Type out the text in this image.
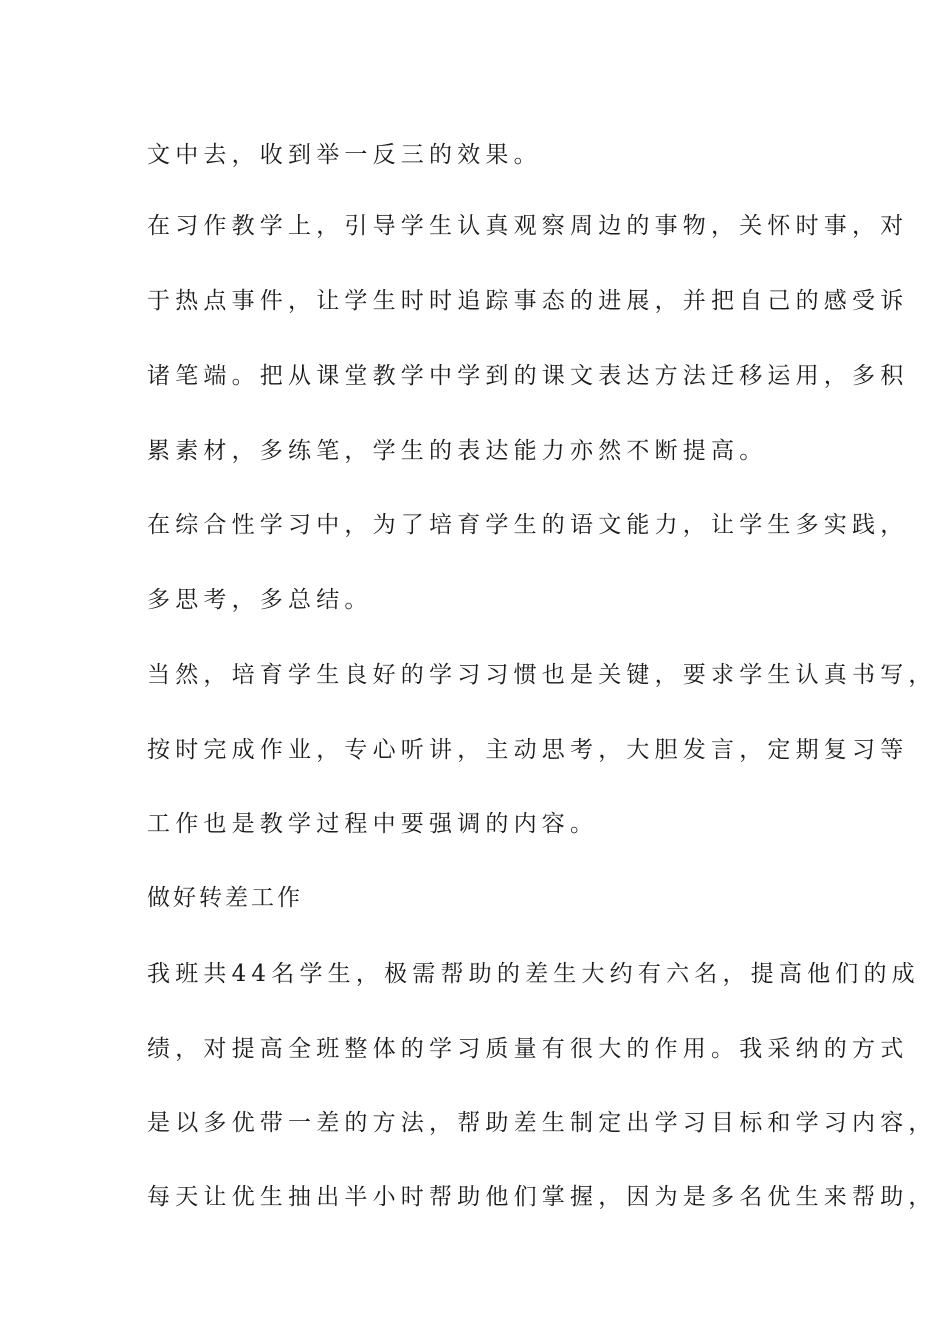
文中去，收到举一反三的效果。
在习作教学上，引导学生认真观察周边的事物，关怀时事，对
于热点事件，让学生时时追踪事态的进展，并把自己的感受诉
诸笔端。把从课堂教学中学到的课文表达方法迁移运用，多积
累素材，多练笔，学生的表达能力亦然不断提高。
在综合性学习中，为了培育学生的语文能力，让学生多实践，
多思考，多总结。
当然，培育学生良好的学习习惯也是关键，要求学生认真书写，
按时完成作业，专心听讲，主动思考，大胆发言，定期复习等
工作也是教学过程中要强调的内容。
做好转差工作
我班共44名学生，极需帮助的差生大约有六名，提高他们的成
绩，对提高全班整体的学习质量有很大的作用。我采纳的方式
是以多优带一差的方法，帮助差生制定出学习目标和学习内容，
每天让优生抽出半小时帮助他们掌握，因为是多名优生来帮助，
